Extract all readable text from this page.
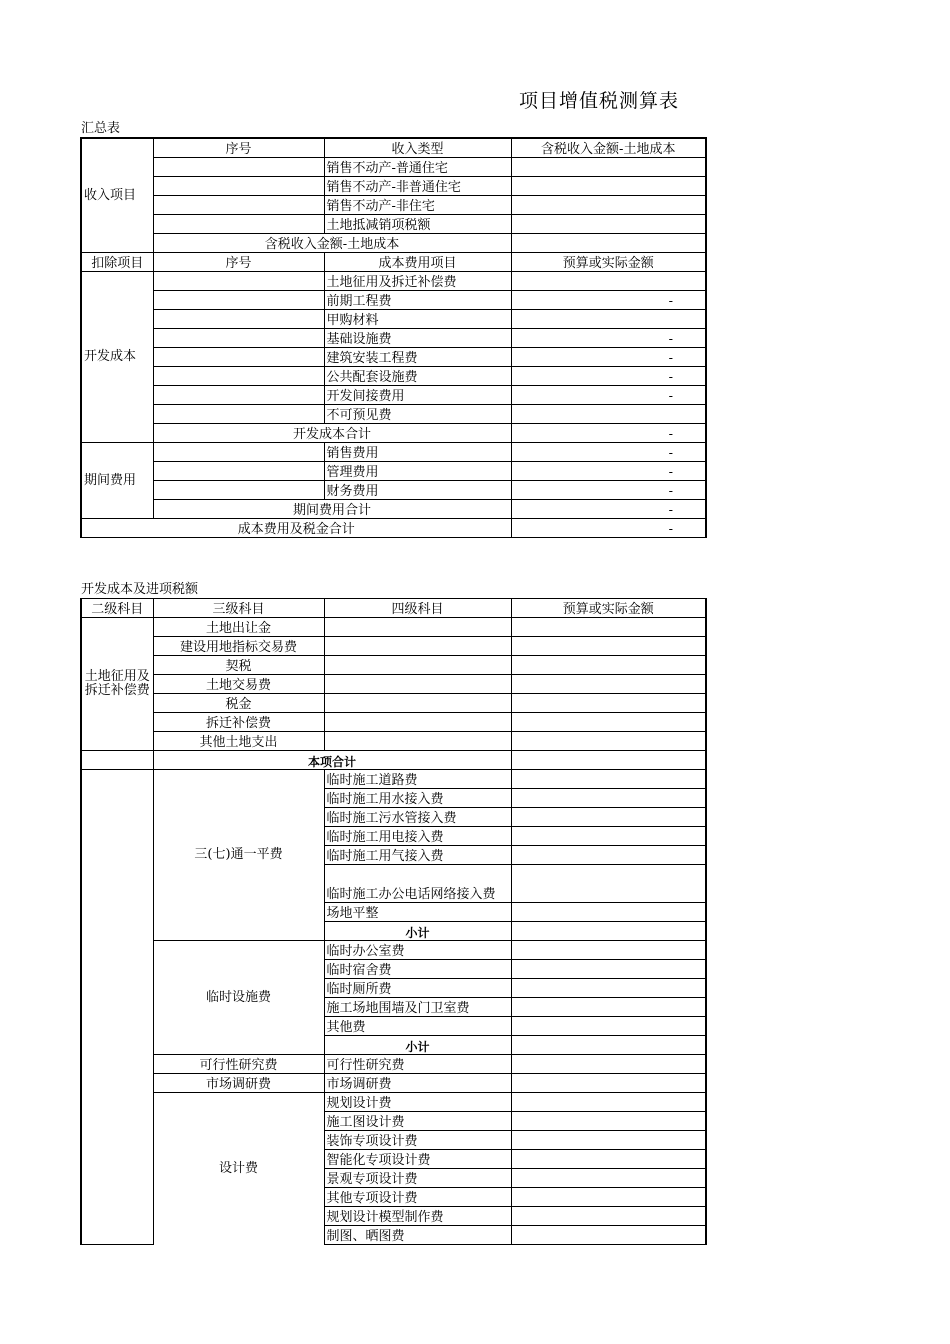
项目增值税测算表
汇总表
收入项目	序号	收入类型	含税收入金额-土地成本
		销售不动产-普通住宅	
		销售不动产-非普通住宅	
		销售不动产-非住宅	
		土地抵减销项税额	
	含税收入金额-土地成本		
扣除项目	序号	成本费用项目	预算或实际金额
开发成本		土地征用及拆迁补偿费	
		前期工程费	-
		甲购材料	
		基础设施费	-
		建筑安装工程费	-
		公共配套设施费	-
		开发间接费用	-
		不可预见费	
	开发成本合计		-
期间费用		销售费用	-
		管理费用	-
		财务费用	-
	期间费用合计		-
成本费用及税金合计			-
开发成本及进项税额
二级科目	三级科目	四级科目	预算或实际金额
土地征用及拆迁补偿费	土地出让金		
	建设用地指标交易费		
	契税		
	土地交易费		
	税金		
	拆迁补偿费		
	其他土地支出		
	本项合计		
	三(七)通一平费	临时施工道路费	
		临时施工用水接入费	
		临时施工污水管接入费	
		临时施工用电接入费	
		临时施工用气接入费	
		临时施工办公电话网络接入费	
		场地平整	
		小计	
	临时设施费	临时办公室费	
		临时宿舍费	
		临时厕所费	
		施工场地围墙及门卫室费	
		其他费	
		小计	
	可行性研究费	可行性研究费	
	市场调研费	市场调研费	
	设计费	规划设计费	
		施工图设计费	
		装饰专项设计费	
		智能化专项设计费	
		景观专项设计费	
		其他专项设计费	
		规划设计模型制作费	
		制图、晒图费	
